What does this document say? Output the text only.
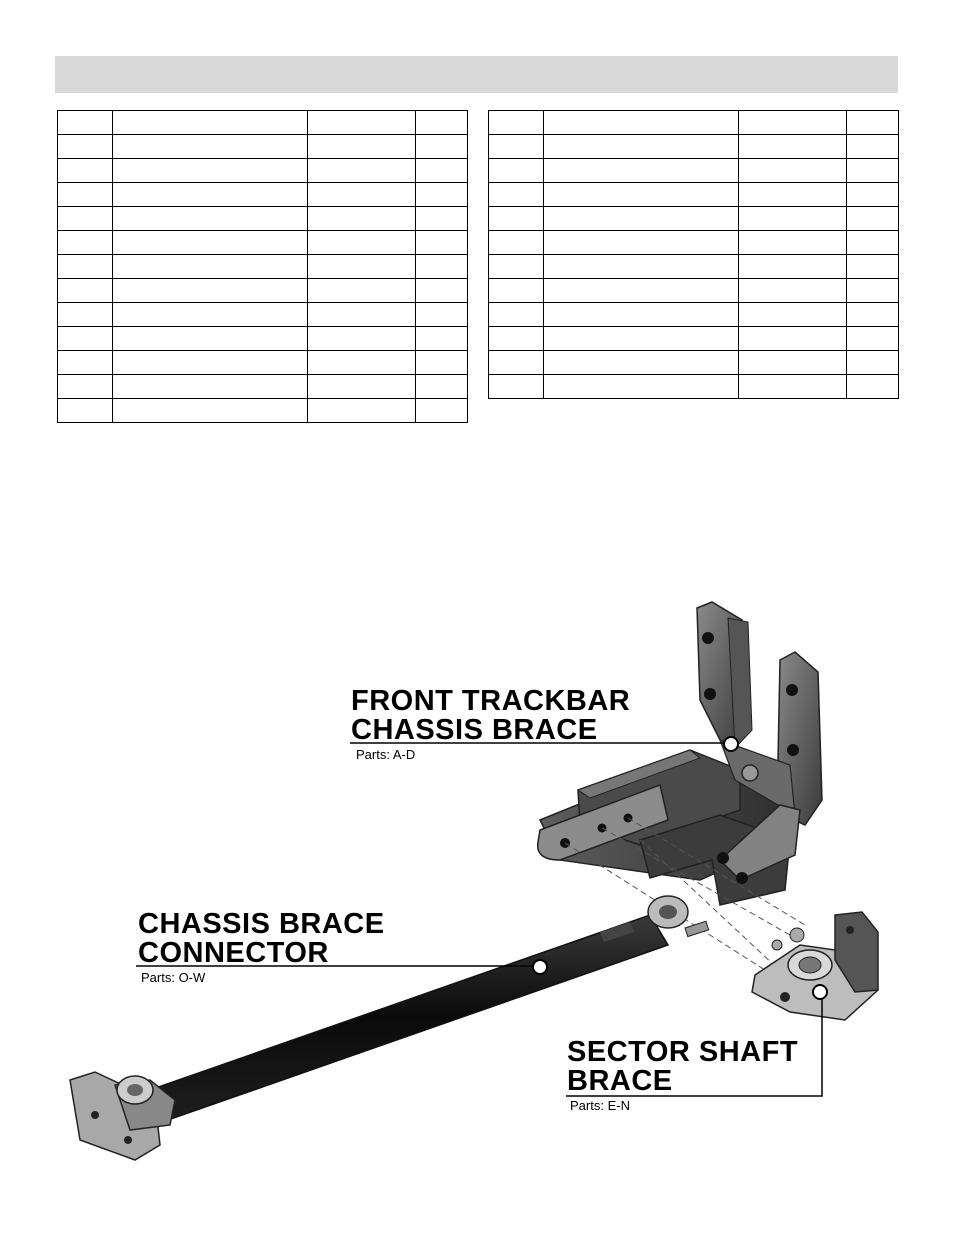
FRONT TRACKBAR
CHASSIS BRACE
Parts: A-D
CHASSIS BRACE
CONNECTOR
Parts: O-W
SECTOR SHAFT
BRACE
Parts: E-N
